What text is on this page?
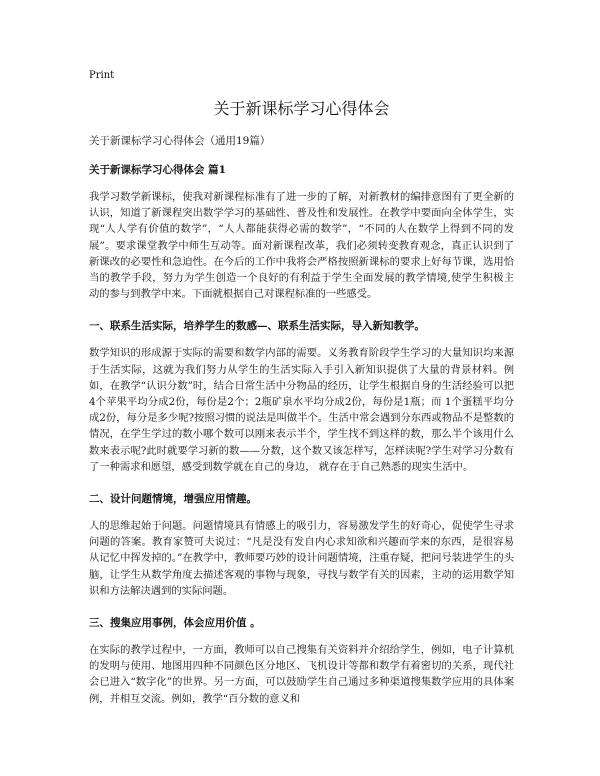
Print
关于新课标学习心得体会
关于新课标学习心得体会（通用19篇）
关于新课标学习心得体会 篇1

我学习数学新课标，使我对新课程标准有了进一步的了解，对新教材的编排意图有了更全新的认识，知道了新课程突出数学学习的基础性、普及性和发展性。在教学中要面向全体学生，实现“人人学有价值的数学”，“人人都能获得必需的数学”，“不同的人在数学上得到不同的发展”。要求课堂教学中师生互动等。面对新课程改革，我们必须转变教育观念，真正认识到了新课改的必要性和急迫性。在今后的工作中我将会严格按照新课标的要求上好每节课，选用恰当的教学手段，努力为学生创造一个良好的有利益于学生全面发展的教学情境,使学生积极主动的参与到教学中来。下面就根据自己对课程标准的一些感受。

一、联系生活实际，培养学生的数感—、联系生活实际，导入新知教学。

数学知识的形成源于实际的需要和数学内部的需要。义务教育阶段学生学习的大量知识均来源于生活实际，这就为我们努力从学生的生活实际入手引入新知识提供了大量的背景材料。例如，在教学“认识分数”时，结合日常生活中分物品的经历，让学生根据自身的生活经验可以把4个苹果平均分成2份，每份是2个；2瓶矿泉水平均分成2份，每份是1瓶；而 1个蛋糕平均分成2份，每分是多少呢?按照习惯的说法是叫做半个。生活中常会遇到分东西或物品不是整数的情况，在学生学过的数小哪个数可以刚来表示半个，学生找不到这样的数，那么半个该用什么数来表示呢?此时就要学习新的数——分数，这个数又该怎样写，怎样读呢?学生对学习分数有了一种需求和愿望，感受到数学就在自己的身边， 就存在于自己熟悉的现实生活中。

二、设计问题情境，增强应用情趣。

人的思维起始于问题。问题情境具有情感上的吸引力，容易激发学生的好奇心，促使学生寻求问题的答案。教育家赞可夫说过：“凡是没有发自内心求知欲和兴趣而学来的东西，是很容易从记忆中挥发掉的。”在教学中，教师要巧妙的设计问题情境，注重存疑，把问号装进学生的头脑，让学生从数学角度去描述客观的事物与现象，寻找与数学有关的因素，主动的运用数学知识和方法解决遇到的实际问题。

三、搜集应用事例，体会应用价值 。

在实际的教学过程中，一方面，教师可以自己搜集有关资料并介绍给学生，例如，电子计算机的发明与使用、地图用四种不同颜色区分地区、飞机设计等都和数学有着密切的关系，现代社会已进入“数字化”的世界。另一方面，可以鼓励学生自己通过多种渠道搜集数学应用的具体案例，并相互交流。例如，教学“百分数的意义和
